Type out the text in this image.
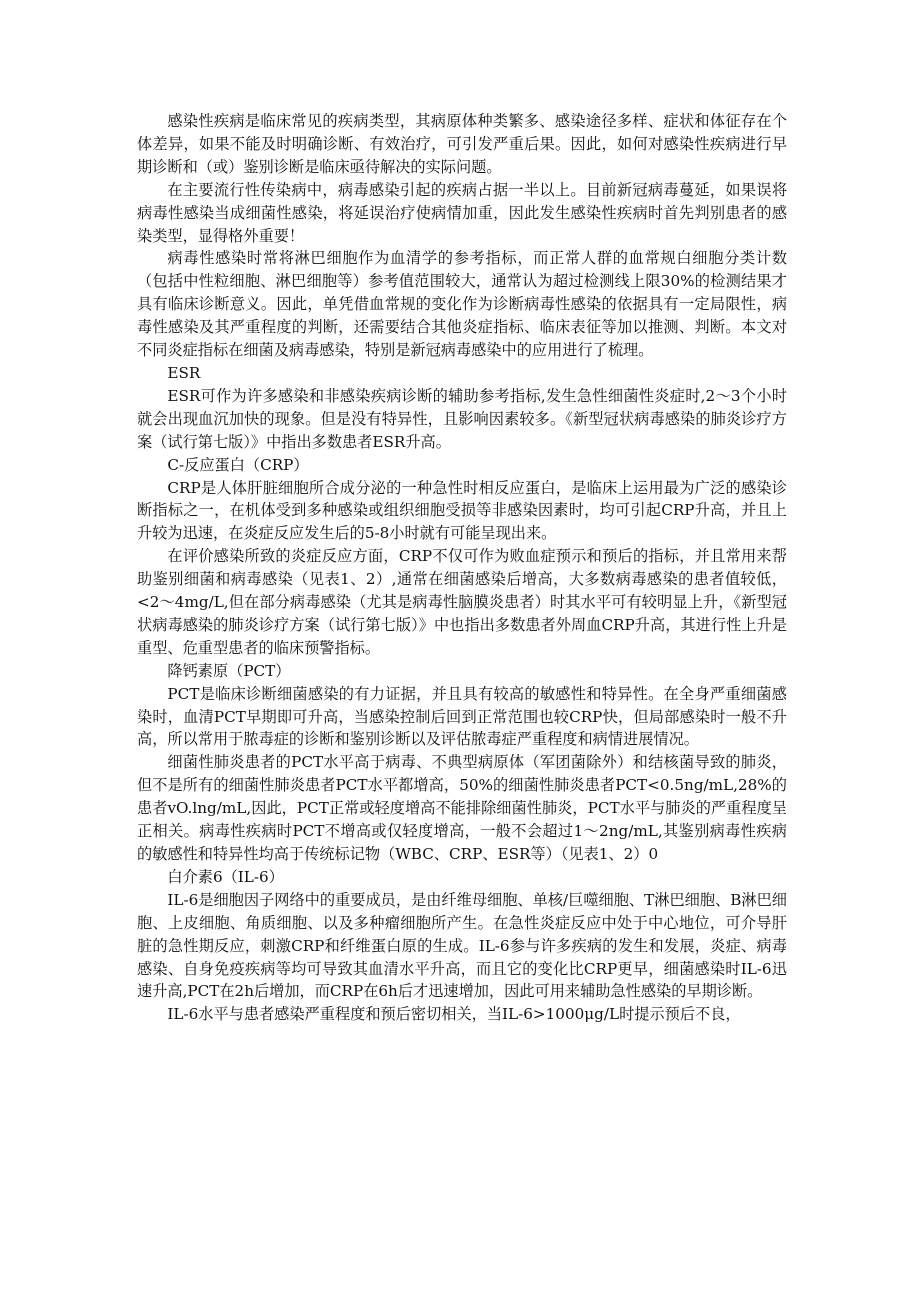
感染性疾病是临床常见的疾病类型，其病原体种类繁多、感染途径多样、症状和体征存在个体差异，如果不能及时明确诊断、有效治疗，可引发严重后果。因此，如何对感染性疾病进行早期诊断和（或）鉴别诊断是临床亟待解决的实际问题。

在主要流行性传染病中，病毒感染引起的疾病占据一半以上。目前新冠病毒蔓延，如果误将病毒性感染当成细菌性感染，将延误治疗使病情加重，因此发生感染性疾病时首先判别患者的感染类型，显得格外重要！

病毒性感染时常将淋巴细胞作为血清学的参考指标，而正常人群的血常规白细胞分类计数（包括中性粒细胞、淋巴细胞等）参考值范围较大，通常认为超过检测线上限30%的检测结果才具有临床诊断意义。因此，单凭借血常规的变化作为诊断病毒性感染的依据具有一定局限性，病毒性感染及其严重程度的判断，还需要结合其他炎症指标、临床表征等加以推测、判断。本文对不同炎症指标在细菌及病毒感染，特别是新冠病毒感染中的应用进行了梳理。

ESR

ESR可作为许多感染和非感染疾病诊断的辅助参考指标,发生急性细菌性炎症时,2～3个小时就会出现血沉加快的现象。但是没有特异性，且影响因素较多。《新型冠状病毒感染的肺炎诊疗方案（试行第七版）》中指出多数患者ESR升高。

C-反应蛋白（CRP）

CRP是人体肝脏细胞所合成分泌的一种急性时相反应蛋白，是临床上运用最为广泛的感染诊断指标之一，在机体受到多种感染或组织细胞受损等非感染因素时，均可引起CRP升高，并且上升较为迅速，在炎症反应发生后的5-8小时就有可能呈现出来。

在评价感染所致的炎症反应方面，CRP不仅可作为败血症预示和预后的指标，并且常用来帮助鉴别细菌和病毒感染（见表1、2）,通常在细菌感染后增高，大多数病毒感染的患者值较低，<2～4mg∕L,但在部分病毒感染（尤其是病毒性脑膜炎患者）时其水平可有较明显上升，《新型冠状病毒感染的肺炎诊疗方案（试行第七版）》中也指出多数患者外周血CRP升高，其进行性上升是重型、危重型患者的临床预警指标。

降钙素原（PCT）

PCT是临床诊断细菌感染的有力证据，并且具有较高的敏感性和特异性。在全身严重细菌感染时，血清PCT早期即可升高，当感染控制后回到正常范围也较CRP快，但局部感染时一般不升高，所以常用于脓毒症的诊断和鉴别诊断以及评估脓毒症严重程度和病情进展情况。

细菌性肺炎患者的PCT水平高于病毒、不典型病原体（军团菌除外）和结核菌导致的肺炎，但不是所有的细菌性肺炎患者PCT水平都增高，50%的细菌性肺炎患者PCT<0.5ng∕mL,28%的患者vO.lng/mL,因此，PCT正常或轻度增高不能排除细菌性肺炎，PCT水平与肺炎的严重程度呈正相关。病毒性疾病时PCT不增高或仅轻度增高，一般不会超过1～2ng∕mL,其鉴别病毒性疾病的敏感性和特异性均高于传统标记物（WBC、CRP、ESR等）（见表1、2）0

白介素6（IL-6）

IL-6是细胞因子网络中的重要成员，是由纤维母细胞、单核/巨噬细胞、T淋巴细胞、B淋巴细胞、上皮细胞、角质细胞、以及多种瘤细胞所产生。在急性炎症反应中处于中心地位，可介导肝脏的急性期反应，刺激CRP和纤维蛋白原的生成。IL-6参与许多疾病的发生和发展，炎症、病毒感染、自身免疫疾病等均可导致其血清水平升高，而且它的变化比CRP更早，细菌感染时IL-6迅速升高,PCT在2h后增加，而CRP在6h后才迅速增加，因此可用来辅助急性感染的早期诊断。

IL-6水平与患者感染严重程度和预后密切相关，当IL-6>1000μg∕L时提示预后不良，
